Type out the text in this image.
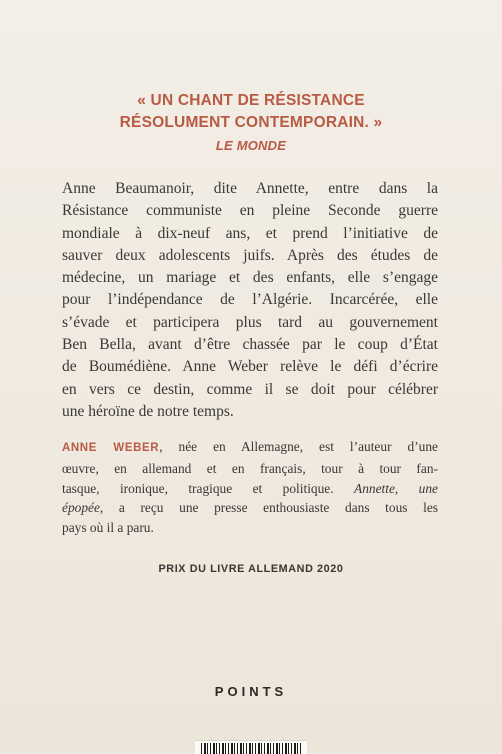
« UN CHANT DE RÉSISTANCE
RÉSOLUMENT CONTEMPORAIN. »
LE MONDE
Anne Beaumanoir, dite Annette, entre dans la
Résistance communiste en pleine Seconde guerre
mondiale à dix-neuf ans, et prend l’initiative de
sauver deux adolescents juifs. Après des études de
médecine, un mariage et des enfants, elle s’engage
pour l’indépendance de l’Algérie. Incarcérée, elle
s’évade et participera plus tard au gouvernement
Ben Bella, avant d’être chassée par le coup d’État
de Boumédiène. Anne Weber relève le défi d’écrire
en vers ce destin, comme il se doit pour célébrer
une héroïne de notre temps.
ANNE WEBER, née en Allemagne, est l’auteur d’une
œuvre, en allemand et en français, tour à tour fan-
tasque, ironique, tragique et politique. Annette, une
épopée, a reçu une presse enthousiaste dans tous les
pays où il a paru.
PRIX DU LIVRE ALLEMAND 2020
POINTS
